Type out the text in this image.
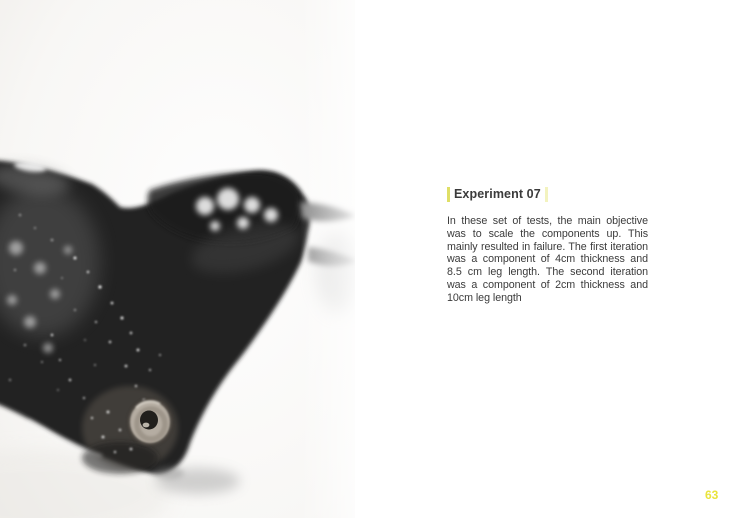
Experiment 07

In these set of tests, the main objective was to scale the components up. This mainly resulted in failure. The first iteration was a component of 4cm thickness and 8.5 cm leg length. The second iteration was a component of 2cm thickness and 10cm leg length

63
